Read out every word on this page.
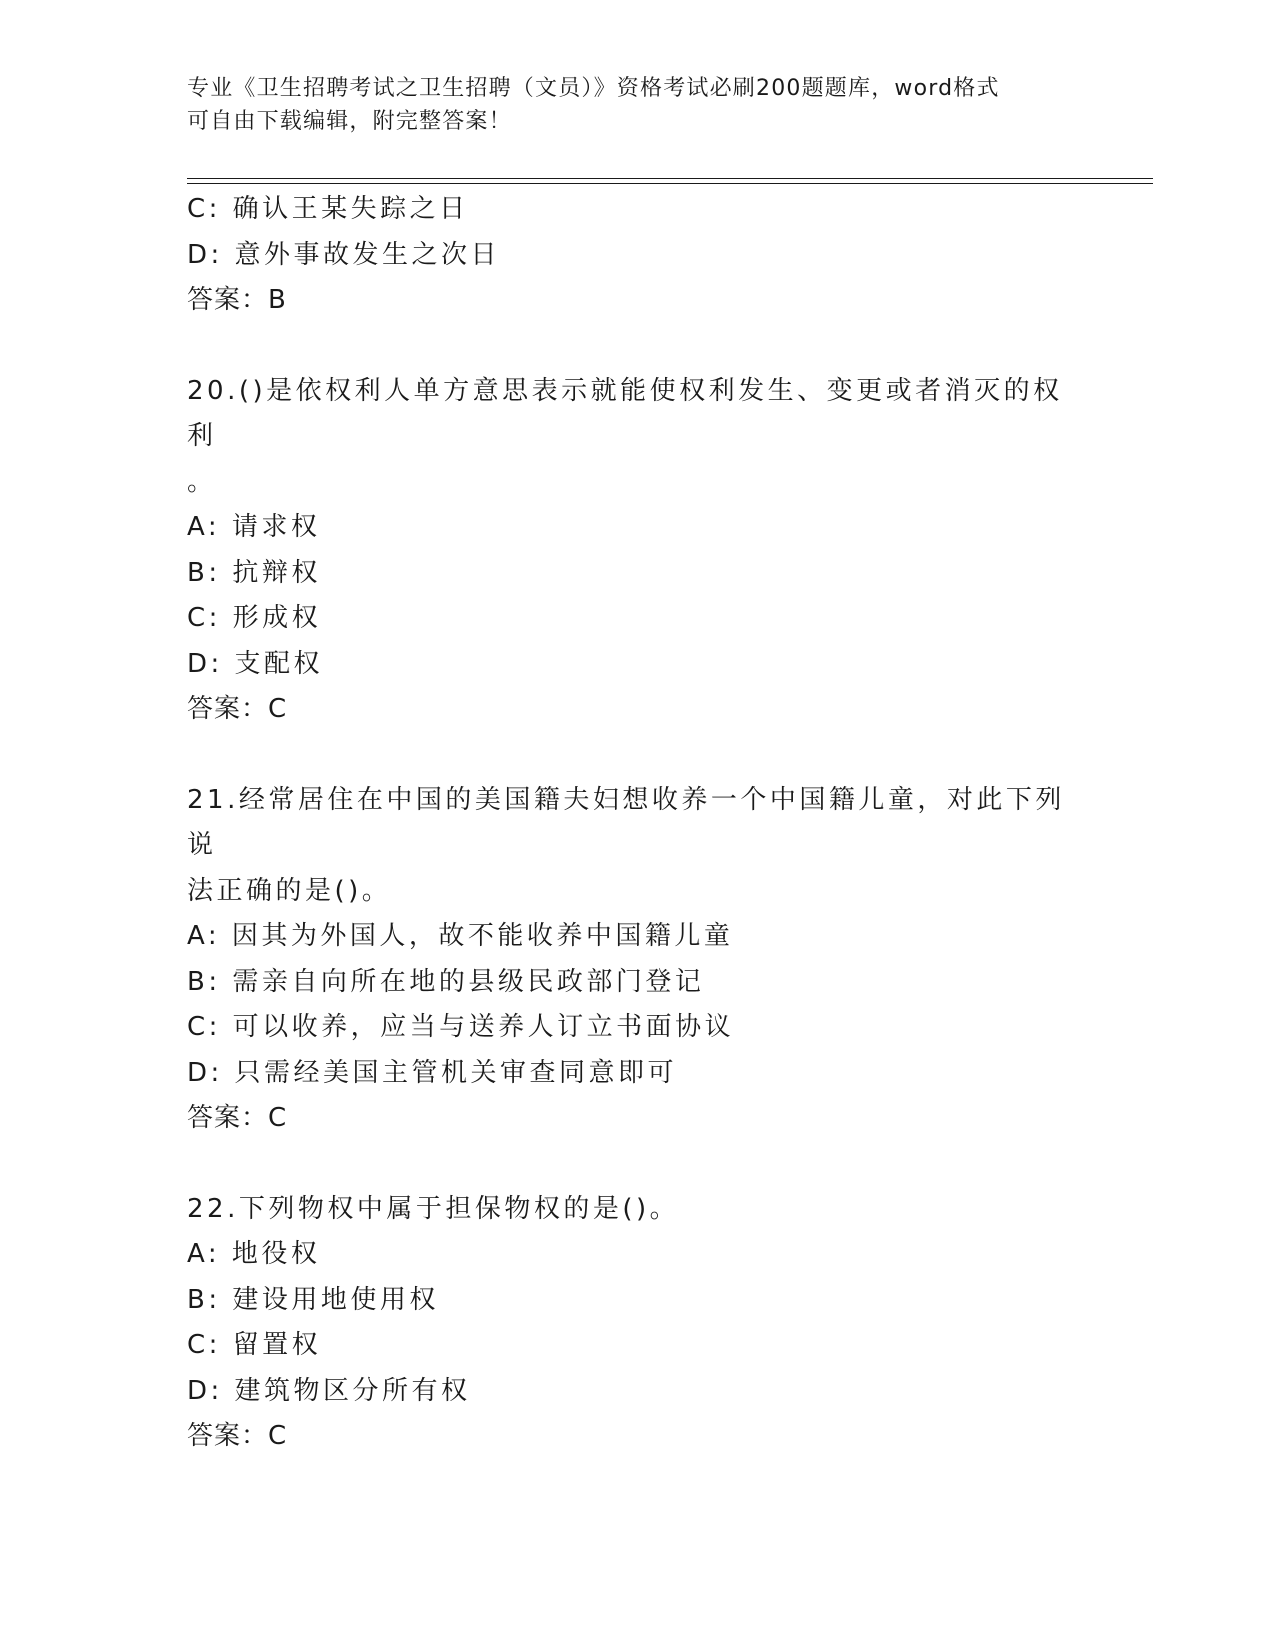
专业《卫生招聘考试之卫生招聘（文员）》资格考试必刷200题题库，word格式
可自由下载编辑，附完整答案！
C: 确认王某失踪之日
D: 意外事故发生之次日
答案：B
20.()是依权利人单方意思表示就能使权利发生、变更或者消灭的权利
。
A: 请求权
B: 抗辩权
C: 形成权
D: 支配权
答案：C
21.经常居住在中国的美国籍夫妇想收养一个中国籍儿童，对此下列说
法正确的是()。
A: 因其为外国人，故不能收养中国籍儿童
B: 需亲自向所在地的县级民政部门登记
C: 可以收养，应当与送养人订立书面协议
D: 只需经美国主管机关审查同意即可
答案：C
22.下列物权中属于担保物权的是()。
A: 地役权
B: 建设用地使用权
C: 留置权
D: 建筑物区分所有权
答案：C
